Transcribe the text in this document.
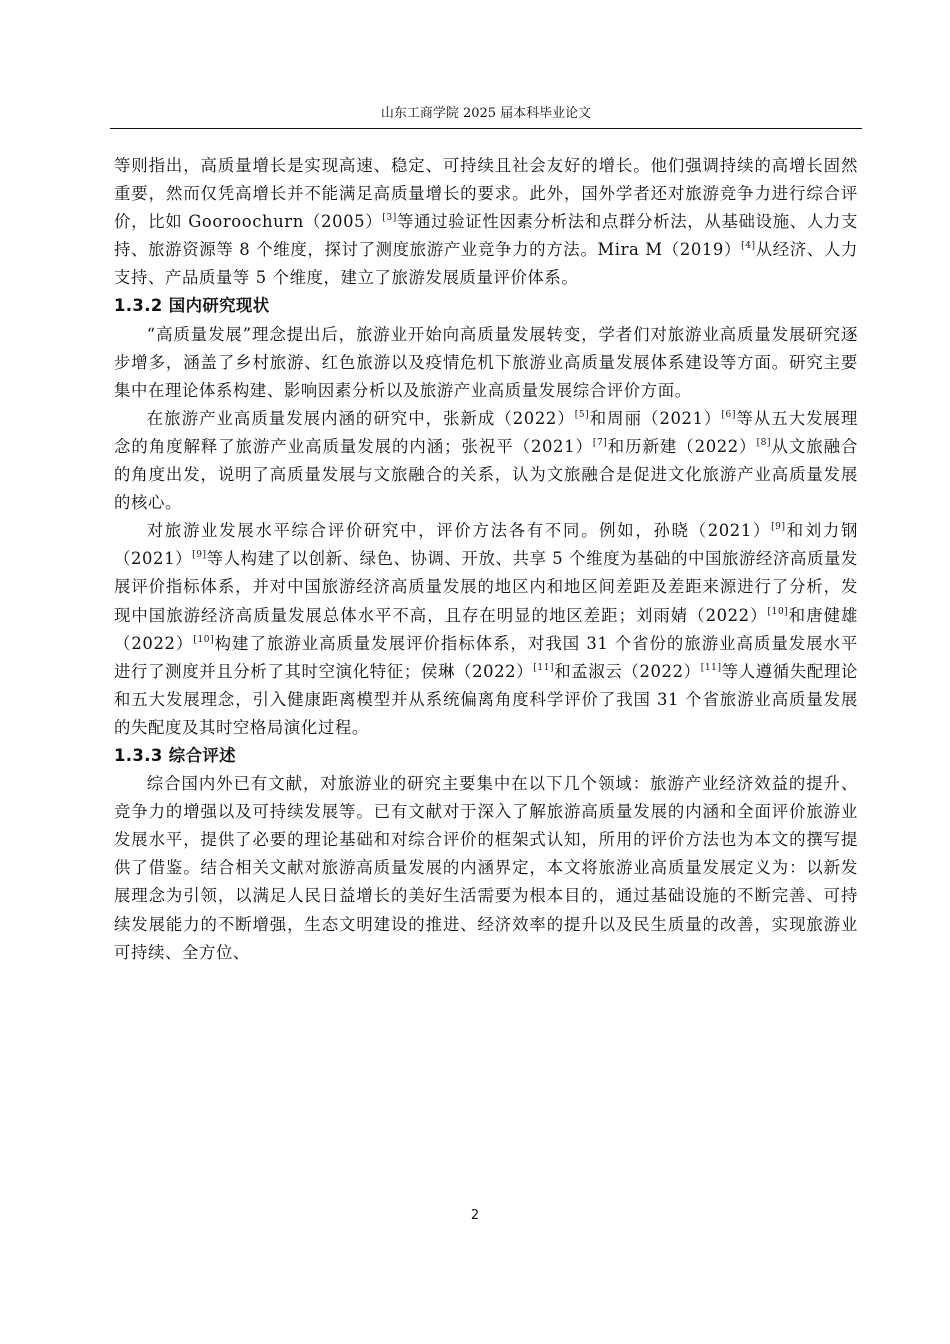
山东工商学院 2025 届本科毕业论文

等则指出，高质量增长是实现高速、稳定、可持续且社会友好的增长。他们强调持续的高增长固然重要，然而仅凭高增长并不能满足高质量增长的要求。此外，国外学者还对旅游竞争力进行综合评价，比如 Gooroochurn（2005）[3]等通过验证性因素分析法和点群分析法，从基础设施、人力支持、旅游资源等 8 个维度，探讨了测度旅游产业竞争力的方法。Mira M（2019）[4]从经济、人力支持、产品质量等 5 个维度，建立了旅游发展质量评价体系。

1.3.2 国内研究现状

“高质量发展”理念提出后，旅游业开始向高质量发展转变，学者们对旅游业高质量发展研究逐步增多，涵盖了乡村旅游、红色旅游以及疫情危机下旅游业高质量发展体系建设等方面。研究主要集中在理论体系构建、影响因素分析以及旅游产业高质量发展综合评价方面。

在旅游产业高质量发展内涵的研究中，张新成（2022）[5]和周丽（2021）[6]等从五大发展理念的角度解释了旅游产业高质量发展的内涵；张祝平（2021）[7]和历新建（2022）[8]从文旅融合的角度出发，说明了高质量发展与文旅融合的关系，认为文旅融合是促进文化旅游产业高质量发展的核心。

对旅游业发展水平综合评价研究中，评价方法各有不同。例如，孙晓（2021）[9]和刘力钢（2021）[9]等人构建了以创新、绿色、协调、开放、共享 5 个维度为基础的中国旅游经济高质量发展评价指标体系，并对中国旅游经济高质量发展的地区内和地区间差距及差距来源进行了分析，发现中国旅游经济高质量发展总体水平不高，且存在明显的地区差距；刘雨婧（2022）[10]和唐健雄（2022）[10]构建了旅游业高质量发展评价指标体系，对我国 31 个省份的旅游业高质量发展水平进行了测度并且分析了其时空演化特征；侯琳（2022）[11]和孟淑云（2022）[11]等人遵循失配理论和五大发展理念，引入健康距离模型并从系统偏离角度科学评价了我国 31 个省旅游业高质量发展的失配度及其时空格局演化过程。

1.3.3 综合评述

综合国内外已有文献，对旅游业的研究主要集中在以下几个领域：旅游产业经济效益的提升、竞争力的增强以及可持续发展等。已有文献对于深入了解旅游高质量发展的内涵和全面评价旅游业发展水平，提供了必要的理论基础和对综合评价的框架式认知，所用的评价方法也为本文的撰写提供了借鉴。结合相关文献对旅游高质量发展的内涵界定，本文将旅游业高质量发展定义为：以新发展理念为引领，以满足人民日益增长的美好生活需要为根本目的，通过基础设施的不断完善、可持续发展能力的不断增强，生态文明建设的推进、经济效率的提升以及民生质量的改善，实现旅游业可持续、全方位、

2
